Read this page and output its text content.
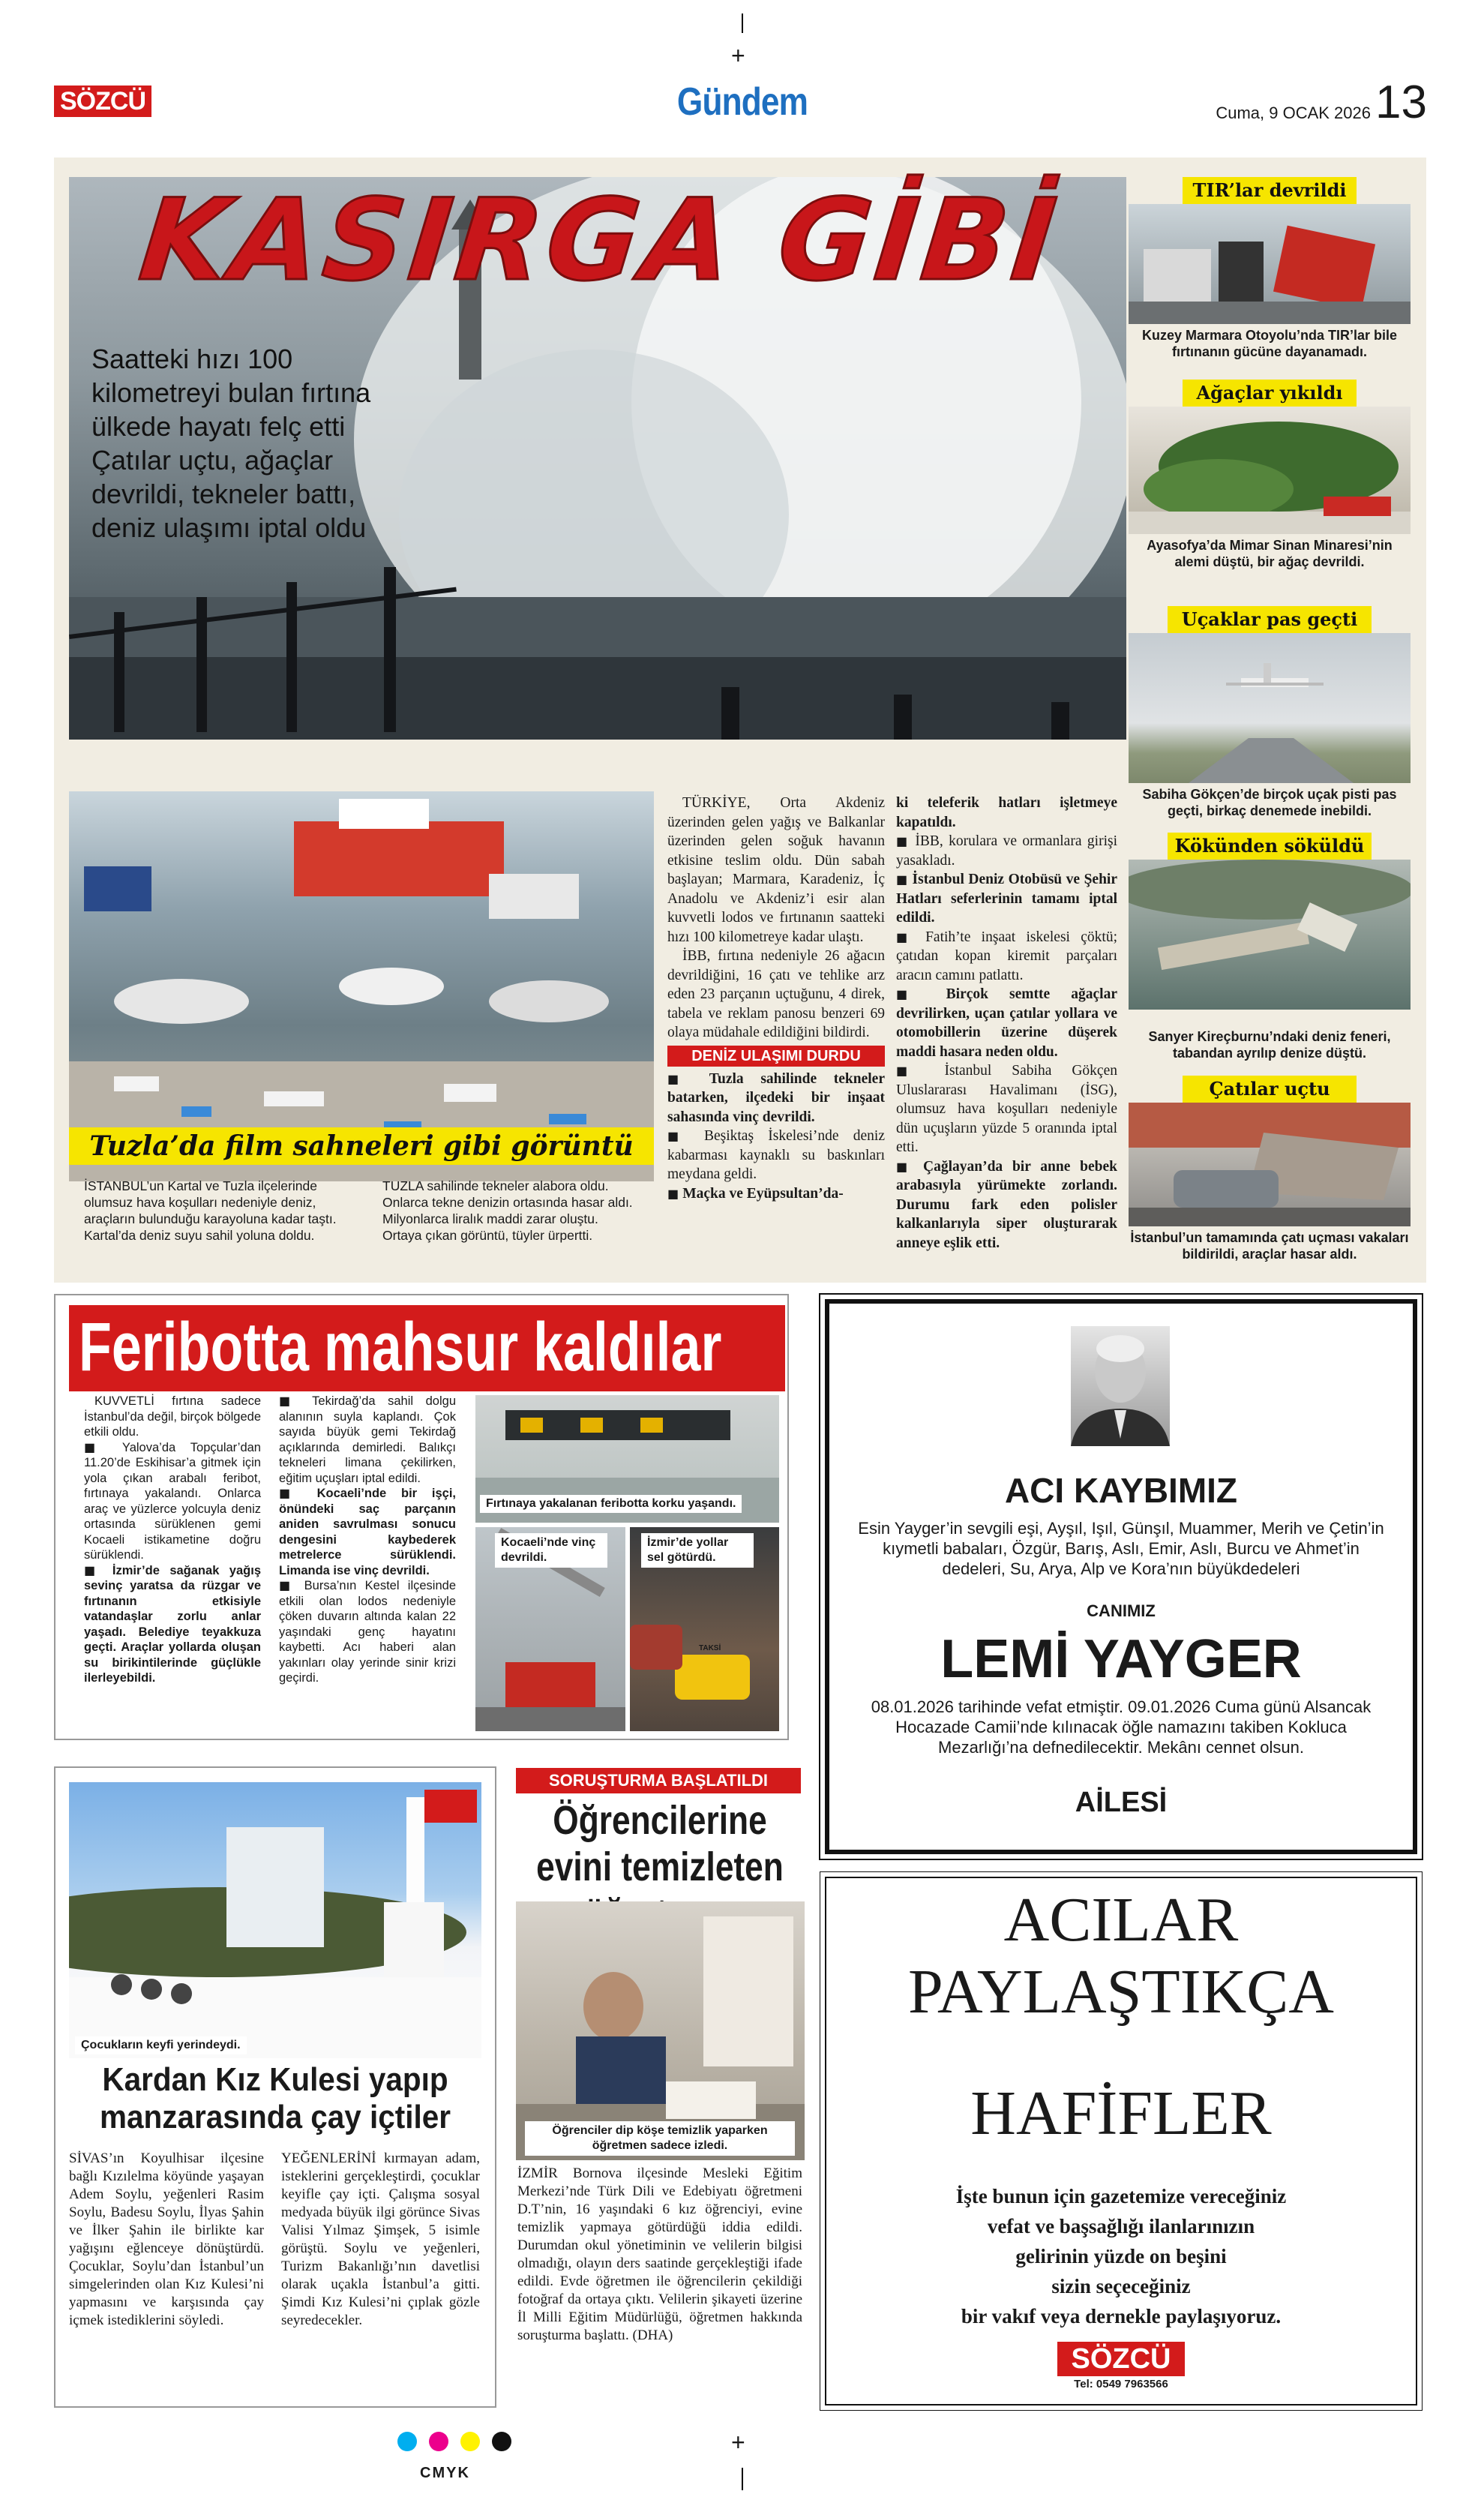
+
+
SÖZCÜ	Gündem	Cuma, 9 OCAK 2026 13
KASIRGA GİBİ
Saatteki hızı 100 kilometreyi bulan fırtına ülkede hayatı felç etti Çatılar uçtu, ağaçlar devrildi, tekneler battı, deniz ulaşımı iptal oldu
Tuzla’da film sahneleri gibi görüntü
İSTANBUL’un Kartal ve Tuzla ilçelerinde olumsuz hava koşulları nedeniyle deniz, araçların bulunduğu karayoluna kadar taştı. Kartal’da deniz suyu sahil yoluna doldu.
TUZLA sahilinde tekneler alabora oldu. Onlarca tekne denizin ortasında hasar aldı. Milyonlarca liralık maddi zarar oluştu. Ortaya çıkan görüntü, tüyler ürpertti.

TÜRKİYE, Orta Akdeniz üzerinden gelen yağış ve Balkanlar üzerinden gelen soğuk havanın etkisine teslim oldu. Dün sabah başlayan; Marmara, Karadeniz, İç Anadolu ve Akdeniz’i esir alan kuvvetli lodos ve fırtınanın saatteki hızı 100 kilometreye kadar ulaştı.

İBB, fırtına nedeniyle 26 ağacın devrildiğini, 16 çatı ve tehlike arz eden 23 parçanın uçtuğunu, 4 direk, tabela ve reklam panosu benzeri 69 olaya müdahale edildiğini bildirdi.

DENİZ ULAŞIMI DURDU

■ Tuzla sahilinde tekneler batarken, ilçedeki bir inşaat sahasında vinç devrildi.

■ Beşiktaş İskelesi’nde deniz kabarması kaynaklı su baskınları meydana geldi.

■ Maçka ve Eyüpsultan’da-

ki teleferik hatları işletmeye kapatıldı.

■ İBB, korulara ve ormanlara girişi yasakladı.

■ İstanbul Deniz Otobüsü ve Şehir Hatları seferlerinin tamamı iptal edildi.

■ Fatih’te inşaat iskelesi çöktü; çatıdan kopan kiremit parçaları aracın camını patlattı.

■ Birçok semtte ağaçlar devrilirken, uçan çatılar yollara ve otomobillerin üzerine düşerek maddi hasara neden oldu.

■ İstanbul Sabiha Gökçen Uluslararası Havalimanı (İSG), olumsuz hava koşulları nedeniyle dün uçuşların yüzde 5 oranında iptal etti.

■ Çağlayan’da bir anne bebek arabasıyla yürümekte zorlandı. Durumu fark eden polisler kalkanlarıyla siper oluşturarak anneye eşlik etti.

TIR’lar devrildi
Kuzey Marmara Otoyolu’nda TIR’lar bile fırtınanın gücüne dayanamadı.
Ağaçlar yıkıldı
Ayasofya’da Mimar Sinan Minaresi’nin alemi düştü, bir ağaç devrildi.
Uçaklar pas geçti
Sabiha Gökçen’de birçok uçak pisti pas geçti, birkaç denemede inebildi.
Kökünden söküldü
Sanyer Kireçburnu’ndaki deniz feneri, tabandan ayrılıp denize düştü.
Çatılar uçtu
İstanbul’un tamamında çatı uçması vakaları bildirildi, araçlar hasar aldı.
Feribotta mahsur kaldılar

KUVVETLİ fırtına sadece İstanbul’da değil, birçok bölgede etkili oldu.

■ Yalova’da Topçular’dan 11.20’de Eskihisar’a gitmek için yola çıkan arabalı feribot, fırtınaya yakalandı. Onlarca araç ve yüzlerce yolcuyla deniz ortasında sürüklenen gemi Kocaeli istikametine doğru sürüklendi.

■ İzmir’de sağanak yağış sevinç yaratsa da rüzgar ve fırtınanın etkisiyle vatandaşlar zorlu anlar yaşadı. Belediye teyakkuza geçti. Araçlar yollarda oluşan su birikintilerinde güçlükle ilerleyebildi.

■ Tekirdağ’da sahil dolgu alanının suyla kaplandı. Çok sayıda büyük gemi Tekirdağ açıklarında demirledi. Balıkçı tekneleri limana çekilirken, eğitim uçuşları iptal edildi.

■ Kocaeli’nde bir işçi, önündeki saç parçanın aniden savrulması sonucu dengesini kaybederek metrelerce sürüklendi. Limanda ise vinç devrildi.

■ Bursa’nın Kestel ilçesinde etkili olan lodos nedeniyle çöken duvarın altında kalan 22 yaşındaki genç hayatını kaybetti. Acı haberi alan yakınları olay yerinde sinir krizi geçirdi.

Fırtınaya yakalanan feribotta korku yaşandı.
Kocaeli’nde vinç devrildi.
TAKSİ
İzmir’de yollar sel götürdü.
ACI KAYBIMIZ
Esin Yayger’in sevgili eşi, Ayşıl, Işıl, Günşıl, Muammer, Merih ve Çetin’in kıymetli babaları, Özgür, Barış, Aslı, Emir, Aslı, Burcu ve Ahmet’in dedeleri, Su, Arya, Alp ve Kora’nın büyükdedeleri
CANIMIZ
LEMİ YAYGER
08.01.2026 tarihinde vefat etmiştir. 09.01.2026 Cuma günü Alsancak Hocazade Camii’nde kılınacak öğle namazını takiben Kokluca Mezarlığı’na defnedilecektir. Mekânı cennet olsun.
AİLESİ
Çocukların keyfi yerindeydi.
Kardan Kız Kulesi yapıp manzarasında çay içtiler
SİVAS’ın Koyulhisar ilçesine bağlı Kızılelma köyünde yaşayan Adem Soylu, yeğenleri Rasim Soylu, Badesu Soylu, İlyas Şahin ve İlker Şahin ile birlikte kar yağışını eğlenceye dönüştürdü. Çocuklar, Soylu’dan İstanbul’un simgelerinden olan Kız Kulesi’ni yapmasını ve karşısında çay içmek istediklerini söyledi.
YEĞENLERİNİ kırmayan adam, isteklerini gerçekleştirdi, çocuklar keyifle çay içti. Çalışma sosyal medyada büyük ilgi görünce Sivas Valisi Yılmaz Şimşek, 5 isimle görüştü. Soylu ve yeğenleri, Turizm Bakanlığı’nın davetlisi olarak uçakla İstanbul’a gitti. Şimdi Kız Kulesi’ni çıplak gözle seyredecekler.
SORUŞTURMA BAŞLATILDI
Öğrencilerine evini temizleten
Öğrenciler dip köşe temizlik yaparken öğretmen sadece izledi.
İZMİR Bornova ilçesinde Mesleki Eğitim Merkezi’nde Türk Dili ve Edebiyatı öğretmeni D.T’nin, 16 yaşındaki 6 kız öğrenciyi, evine temizlik yapmaya götürdüğü iddia edildi. Durumdan okul yönetiminin ve velilerin bilgisi olmadığı, olayın ders saatinde gerçekleştiği ifade edildi. Evde öğretmen ile öğrencilerin çekildiği fotoğraf da ortaya çıktı. Velilerin şikayeti üzerine İl Milli Eğitim Müdürlüğü, öğretmen hakkında soruşturma başlattı. (DHA)
ACILAR
PAYLAŞTIKÇA
HAFİFLER
İşte bunun için gazetemize vereceğiniz
vefat ve başsağlığı ilanlarınızın
gelirinin yüzde on beşini
sizin seçeceğiniz
bir vakıf veya dernekle paylaşıyoruz.
SÖZCÜ
Tel: 0549 7963566
CMYK
